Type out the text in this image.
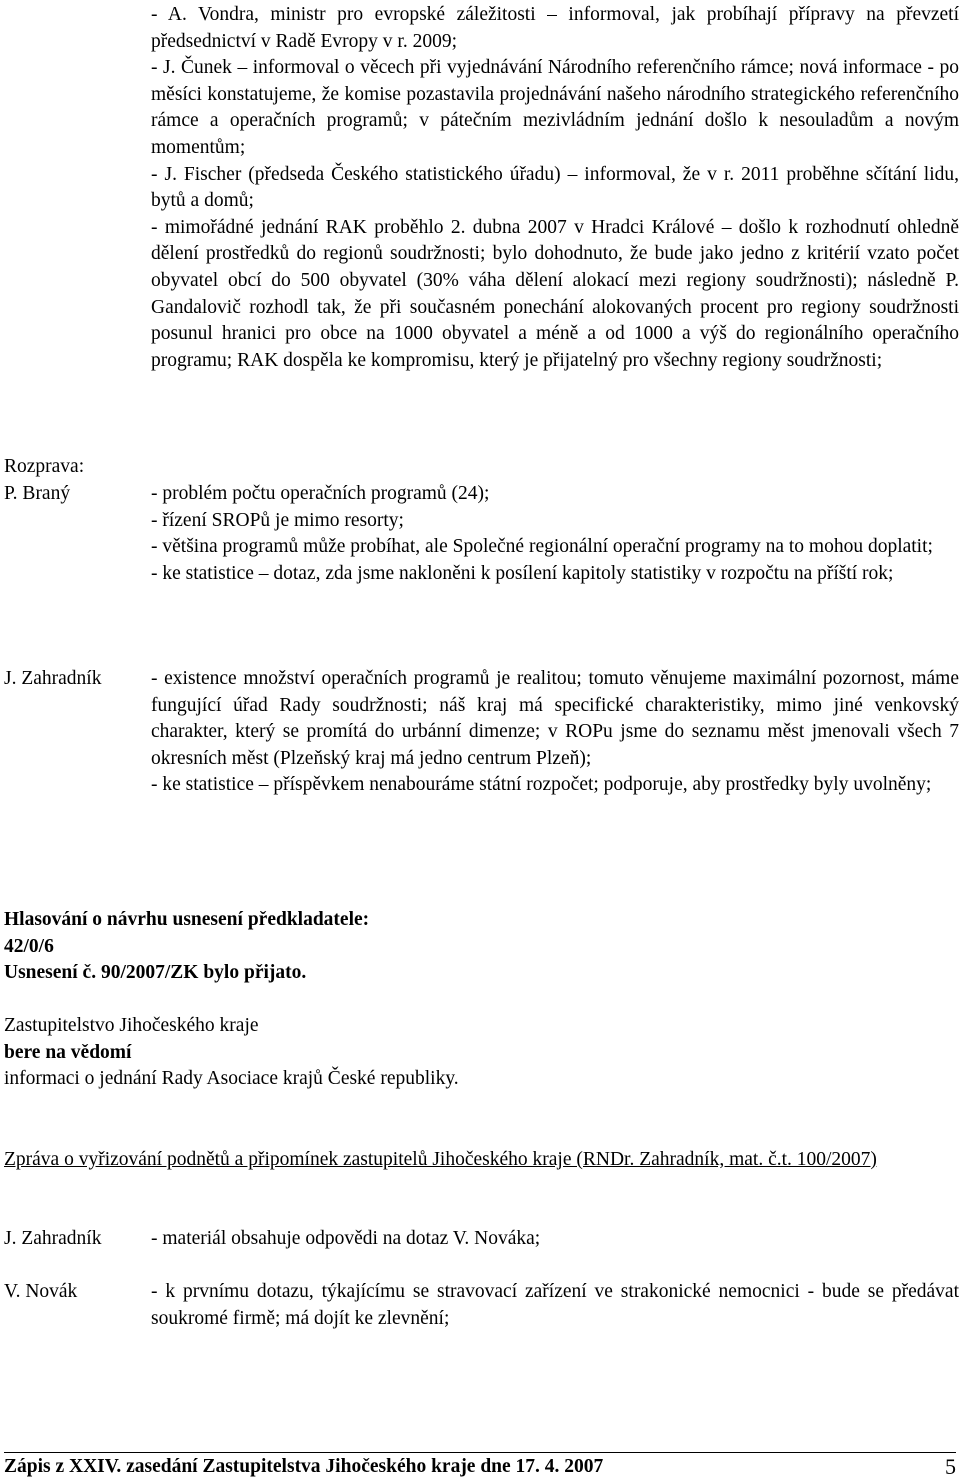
- A. Vondra, ministr pro evropské záležitosti – informoval, jak probíhají přípravy na převzetí předsednictví v Radě Evropy v r. 2009;

- J. Čunek – informoval o věcech při vyjednávání Národního referenčního rámce; nová informace - po měsíci konstatujeme, že komise pozastavila projednávání našeho národního strategického referenčního rámce a operačních programů; v pátečním mezivládním jednání došlo k nesouladům a novým momentům;

- J. Fischer (předseda Českého statistického úřadu) – informoval, že v r. 2011 proběhne sčítání lidu, bytů a domů;

- mimořádné jednání RAK proběhlo 2. dubna 2007 v Hradci Králové – došlo k rozhodnutí ohledně dělení prostředků do regionů soudržnosti; bylo dohodnuto, že bude jako jedno z kritérií vzato počet obyvatel obcí do 500 obyvatel (30% váha dělení alokací mezi regiony soudržnosti); následně P. Gandalovič rozhodl tak, že při současném ponechání alokovaných procent pro regiony soudržnosti posunul hranici pro obce na 1000 obyvatel a méně a od 1000 a výš do regionálního operačního programu; RAK dospěla ke kompromisu, který je přijatelný pro všechny regiony soudržnosti;

Rozprava:
P. Braný	- problém počtu operačních programů (24);

- řízení SROPů je mimo resorty;

- většina programů může probíhat, ale Společné regionální operační programy na to mohou doplatit;

- ke statistice – dotaz, zda jsme nakloněni k posílení kapitoly statistiky v rozpočtu na příští rok;

J. Zahradník	- existence množství operačních programů je realitou; tomuto věnujeme maximální pozornost, máme fungující úřad Rady soudržnosti; náš kraj má specifické charakteristiky, mimo jiné venkovský charakter, který se promítá do urbánní dimenze; v ROPu jsme do seznamu měst jmenovali všech 7 okresních měst (Plzeňský kraj má jedno centrum Plzeň);

- ke statistice – příspěvkem nenabouráme státní rozpočet; podporuje, aby prostředky byly uvolněny;

Hlasování o návrhu usnesení předkladatele:
42/0/6
Usnesení č. 90/2007/ZK bylo přijato.
Zastupitelstvo Jihočeského kraje
bere na vědomí
informaci o jednání Rady Asociace krajů České republiky.
Zpráva o vyřizování podnětů a připomínek zastupitelů Jihočeského kraje (RNDr. Zahradník, mat. č.t. 100/2007)
J. Zahradník	- materiál obsahuje odpovědi na dotaz V. Nováka;
V. Novák	- k prvnímu dotazu, týkajícímu se stravovací zařízení ve strakonické nemocnici - bude se předávat soukromé firmě; má dojít ke zlevnění;
Zápis z XXIV. zasedání Zastupitelstva Jihočeského kraje dne 17. 4. 2007	5
